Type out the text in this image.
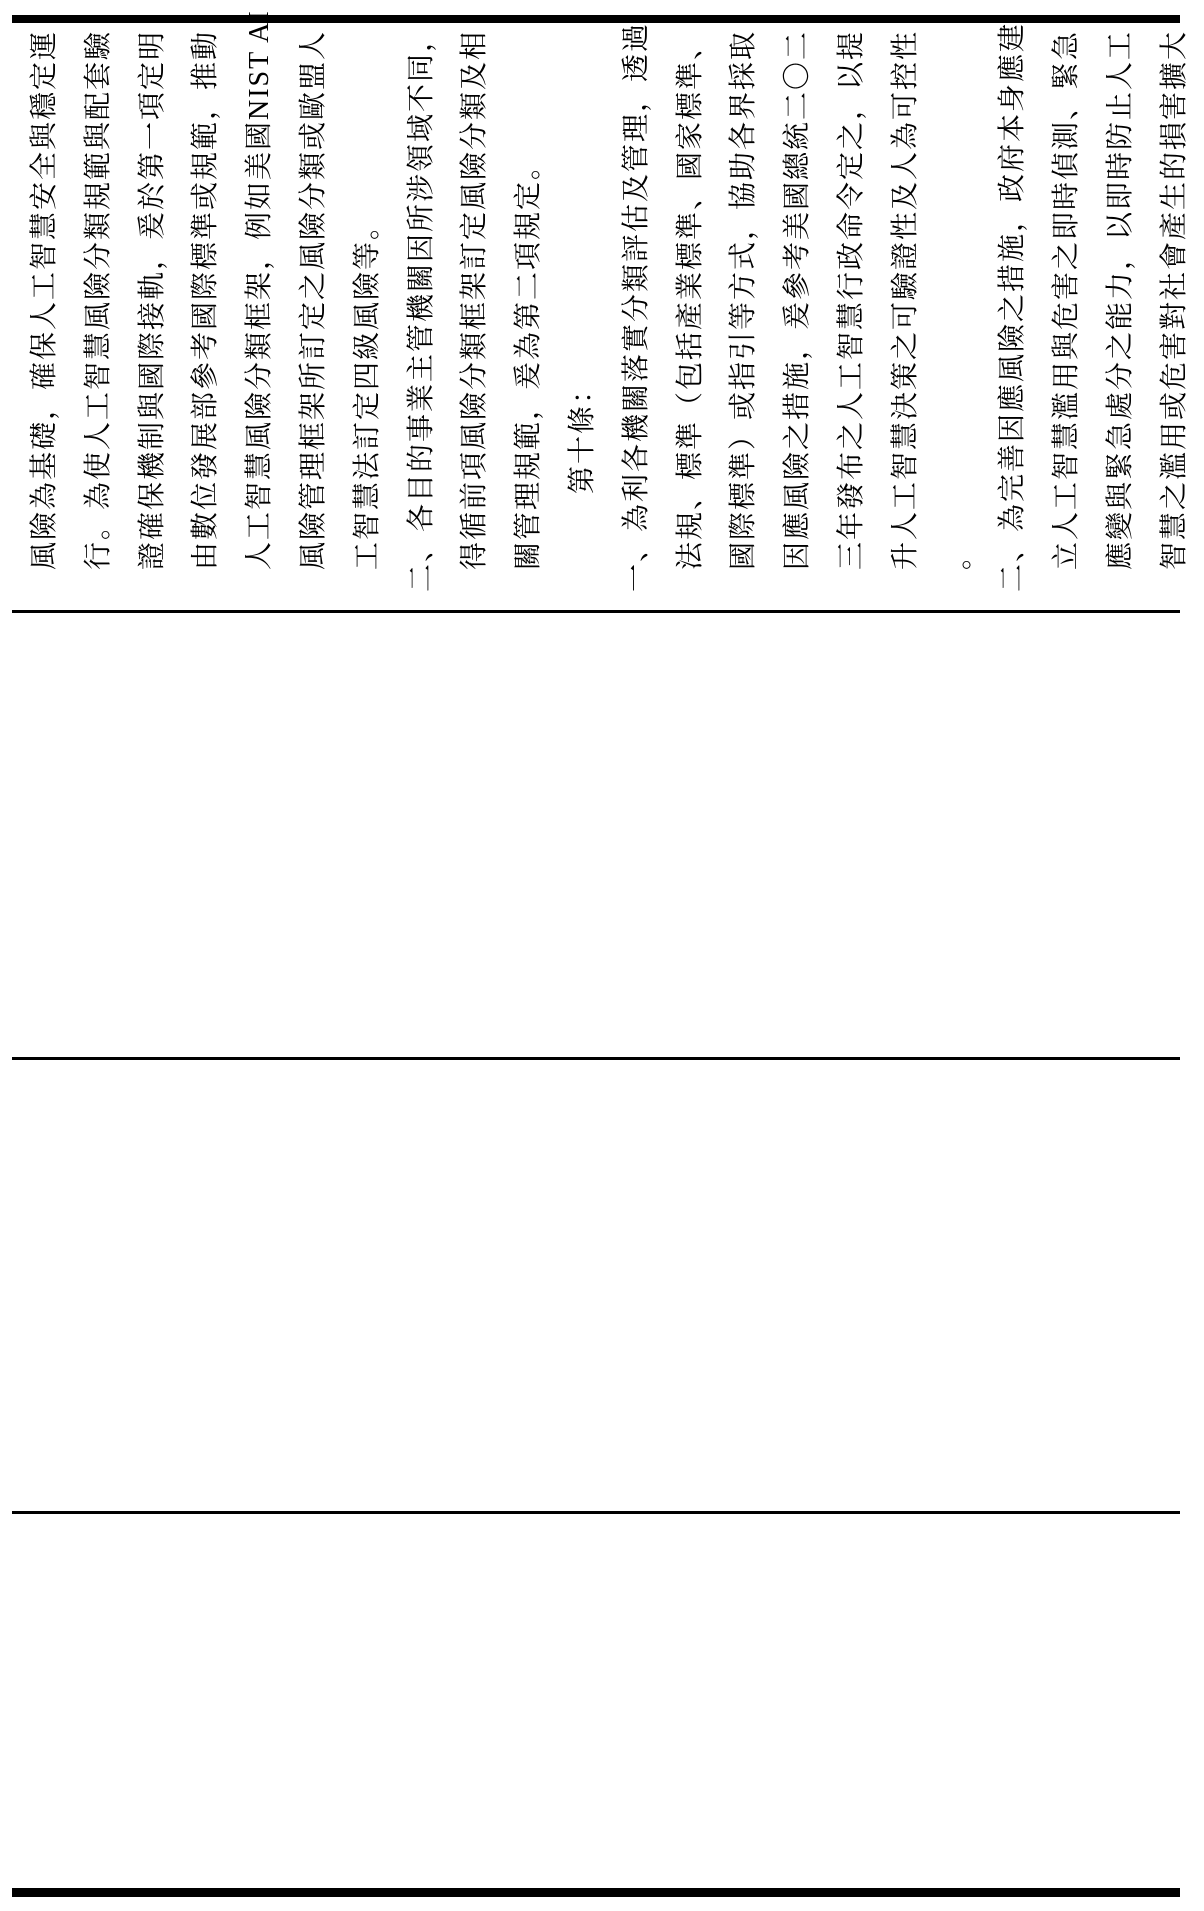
風險為基礎，確保人工智慧安全與穩定運 行。為使人工智慧風險分類規範與配套驗 證確保機制與國際接軌，爰於第一項定明 由數位發展部參考國際標準或規範，推動 人工智慧風險分類框架，例如美國NIST AI 風險管理框架所訂定之風險分類或歐盟人 工智慧法訂定四級風險等。 二、各目的事業主管機關因所涉領域不同， 得循前項風險分類框架訂定風險分類及相 關管理規範，爰為第二項規定。 第十條： 一、為利各機關落實分類評估及管理，透過 法規、標準（包括產業標準、國家標準、 國際標準）或指引等方式，協助各界採取 因應風險之措施，爰參考美國總統二〇二 三年發布之人工智慧行政命令定之，以提 升人工智慧決策之可驗證性及人為可控性 。 二、為完善因應風險之措施，政府本身應建 立人工智慧濫用與危害之即時偵測、緊急 應變與緊急處分之能力，以即時防止人工 智慧之濫用或危害對社會產生的損害擴大
